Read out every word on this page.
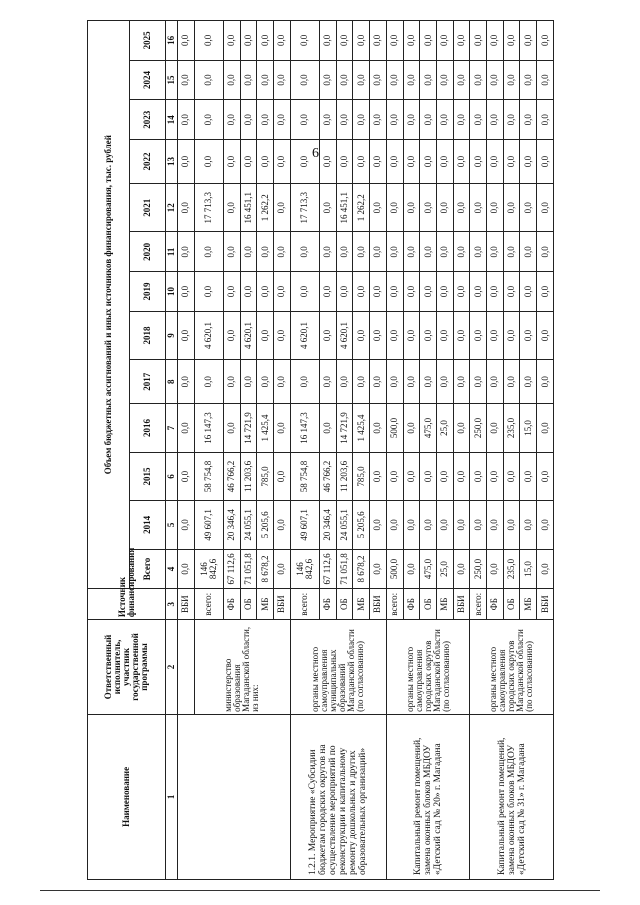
6
Наименование	Ответственный исполнитель, участник государственной программы	Источник финансирования	Объем бюджетных ассигнований и иных источников финансирования, тыс. рублей												
			Всего	2014	2015	2016	2017	2018	2019	2020	2021	2022	2023	2024	2025
1	2	3	4	5	6	7	8	9	10	11	12	13	14	15	16
		ВБИ	0,0	0,0	0,0	0,0	0,0	0,0	0,0	0,0	0,0	0,0	0,0	0,0	0,0
	министерство образования Магаданской области, из них:	всего:	146 842,6	49 607,1	58 754,8	16 147,3	0,0	4 620,1	0,0	0,0	17 713,3	0,0	0,0	0,0	0,0
		ФБ	67 112,6	20 346,4	46 766,2	0,0	0,0	0,0	0,0	0,0	0,0	0,0	0,0	0,0	0,0
		ОБ	71 051,8	24 055,1	11 203,6	14 721,9	0,0	4 620,1	0,0	0,0	16 451,1	0,0	0,0	0,0	0,0
		МБ	8 678,2	5 205,6	785,0	1 425,4	0,0	0,0	0,0	0,0	1 262,2	0,0	0,0	0,0	0,0
		ВБИ	0,0	0,0	0,0	0,0	0,0	0,0	0,0	0,0	0,0	0,0	0,0	0,0	0,0
1.2.1. Мероприятие «Субсидии бюджетам городских округов на осуществление мероприятий по реконструкции и капитальному ремонту дошкольных и других образовательных организаций»	органы местного самоуправления муниципальных образований Магаданской области (по согласованию)	всего:	146 842,6	49 607,1	58 754,8	16 147,3	0,0	4 620,1	0,0	0,0	17 713,3	0,0	0,0	0,0	0,0
		ФБ	67 112,6	20 346,4	46 766,2	0,0	0,0	0,0	0,0	0,0	0,0	0,0	0,0	0,0	0,0
		ОБ	71 051,8	24 055,1	11 203,6	14 721,9	0,0	4 620,1	0,0	0,0	16 451,1	0,0	0,0	0,0	0,0
		МБ	8 678,2	5 205,6	785,0	1 425,4	0,0	0,0	0,0	0,0	1 262,2	0,0	0,0	0,0	0,0
		ВБИ	0,0	0,0	0,0	0,0	0,0	0,0	0,0	0,0	0,0	0,0	0,0	0,0	0,0
Капитальный ремонт помещений, замена оконных блоков МБДОУ «Детский сад № 20» г. Магадана	органы местного самоуправления городских округов Магаданской области (по согласованию)	всего:	500,0	0,0	0,0	500,0	0,0	0,0	0,0	0,0	0,0	0,0	0,0	0,0	0,0
		ФБ	0,0	0,0	0,0	0,0	0,0	0,0	0,0	0,0	0,0	0,0	0,0	0,0	0,0
		ОБ	475,0	0,0	0,0	475,0	0,0	0,0	0,0	0,0	0,0	0,0	0,0	0,0	0,0
		МБ	25,0	0,0	0,0	25,0	0,0	0,0	0,0	0,0	0,0	0,0	0,0	0,0	0,0
		ВБИ	0,0	0,0	0,0	0,0	0,0	0,0	0,0	0,0	0,0	0,0	0,0	0,0	0,0
Капитальный ремонт помещений, замена оконных блоков МБДОУ «Детский сад № 31» г. Магадана	органы местного самоуправления городских округов Магаданской области (по согласованию)	всего:	250,0	0,0	0,0	250,0	0,0	0,0	0,0	0,0	0,0	0,0	0,0	0,0	0,0
		ФБ	0,0	0,0	0,0	0,0	0,0	0,0	0,0	0,0	0,0	0,0	0,0	0,0	0,0
		ОБ	235,0	0,0	0,0	235,0	0,0	0,0	0,0	0,0	0,0	0,0	0,0	0,0	0,0
		МБ	15,0	0,0	0,0	15,0	0,0	0,0	0,0	0,0	0,0	0,0	0,0	0,0	0,0
		ВБИ	0,0	0,0	0,0	0,0	0,0	0,0	0,0	0,0	0,0	0,0	0,0	0,0	0,0
